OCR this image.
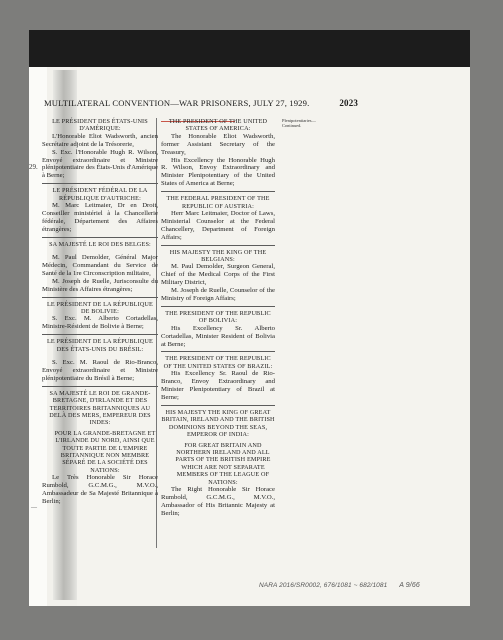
29.
—
MULTILATERAL CONVENTION—WAR PRISONERS, JULY 27, 1929.	2023
Plenipotentiaries—Continued.

LE PRÉSIDENT DES ÉTATS-UNIS D'AMÉRIQUE:

L'Honorable Eliot Wadsworth, ancien Secrétaire adjoint de la Trésorerie,

S. Exc. l'Honorable Hugh R. Wilson, Envoyé extraordinaire et Ministre plénipotentiaire des États-Unis d'Amérique à Berne;

LE PRÉSIDENT FÉDÉRAL DE LA RÉPUBLIQUE D'AUTRICHE:

M. Marc Leitmaier, Dr en Droit, Conseiller ministériel à la Chancellerie fédérale, Département des Affaires étrangères;

SA MAJESTÉ LE ROI DES BELGES:

M. Paul Demolder, Général Major Médecin, Commandant du Service de Santé de la 1re Circonscription militaire,

M. Joseph de Ruelle, Jurisconsulte du Ministère des Affaires étrangères;

LE PRÉSIDENT DE LA RÉPUBLIQUE DE BOLIVIE:

S. Exc. M. Alberto Cortadellas, Ministre-Résident de Bolivie à Berne;

LE PRÉSIDENT DE LA RÉPUBLIQUE DES ÉTATS-UNIS DU BRÉSIL:

S. Exc. M. Raoul de Rio-Branco, Envoyé extraordinaire et Ministre plénipotentiaire du Brésil à Berne;

SA MAJESTÉ LE ROI DE GRANDE-BRETAGNE, D'IRLANDE ET DES TERRITOIRES BRITANNIQUES AU DELÀ DES MERS, EMPEREUR DES INDES:

POUR LA GRANDE-BRETAGNE ET L'IRLANDE DU NORD, AINSI QUE TOUTE PARTIE DE L'EMPIRE BRITANNIQUE NON MEMBRE SÉPARÉ DE LA SOCIÉTÉ DES NATIONS:

Le Très Honorable Sir Horace Rumbold, G.C.M.G., M.V.O., Ambassadeur de Sa Majesté Britannique à Berlin;

THE PRESIDENT OF THE UNITED STATES OF AMERICA:

The Honorable Eliot Wadsworth, former Assistant Secretary of the Treasury,

His Excellency the Honorable Hugh R. Wilson, Envoy Extraordinary and Minister Plenipotentiary of the United States of America at Berne;

THE FEDERAL PRESIDENT OF THE REPUBLIC OF AUSTRIA:

Herr Marc Leitmaier, Doctor of Laws, Ministerial Counselor at the Federal Chancellery, Department of Foreign Affairs;

HIS MAJESTY THE KING OF THE BELGIANS:

M. Paul Demolder, Surgeon General, Chief of the Medical Corps of the First Military District,

M. Joseph de Ruelle, Counselor of the Ministry of Foreign Affairs;

THE PRESIDENT OF THE REPUBLIC OF BOLIVIA:

His Excellency Sr. Alberto Cortadellas, Minister Resident of Bolivia at Berne;

THE PRESIDENT OF THE REPUBLIC OF THE UNITED STATES OF BRAZIL:

His Excellency Sr. Raoul de Rio-Branco, Envoy Extraordinary and Minister Plenipotentiary of Brazil at Berne;

HIS MAJESTY THE KING OF GREAT BRITAIN, IRELAND AND THE BRITISH DOMINIONS BEYOND THE SEAS, EMPEROR OF INDIA:

FOR GREAT BRITAIN AND NORTHERN IRELAND AND ALL PARTS OF THE BRITISH EMPIRE WHICH ARE NOT SEPARATE MEMBERS OF THE LEAGUE OF NATIONS:

The Right Honorable Sir Horace Rumbold, G.C.M.G., M.V.O., Ambassador of His Britannic Majesty at Berlin;

NARA 2016/SR0002, 676/1081 ~ 682/1081 A 9/66
